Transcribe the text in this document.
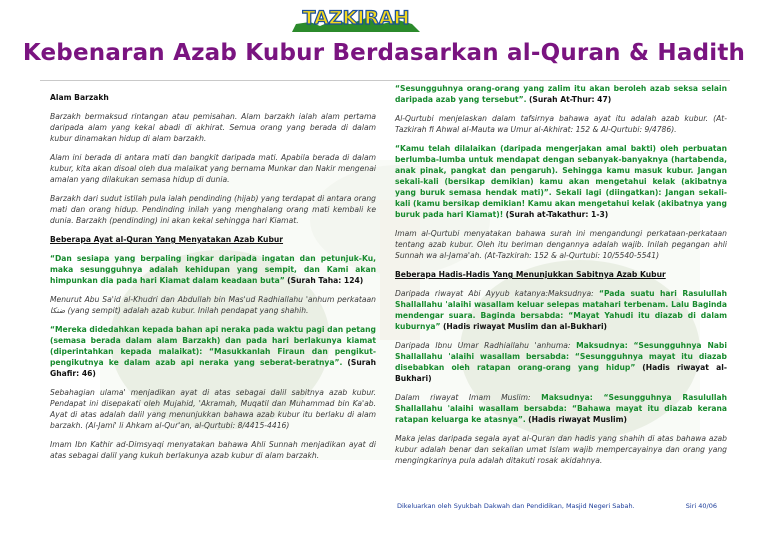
TAZKIRAH
Kebenaran Azab Kubur Berdasarkan al-Quran & Hadith

Alam Barzakh

Barzakh bermaksud rintangan atau pemisahan. Alam barzakh ialah alam pertama daripada alam yang kekal abadi di akhirat. Semua orang yang berada di dalam kubur dinamakan hidup di alam barzakh.

Alam ini berada di antara mati dan bangkit daripada mati. Apabila berada di dalam kubur, kita akan disoal oleh dua malaikat yang bernama Munkar dan Nakir mengenai amalan yang dilakukan semasa hidup di dunia.

Barzakh dari sudut istilah pula ialah pendinding (hijab) yang terdapat di antara orang mati dan orang hidup. Pendinding inilah yang menghalang orang mati kembali ke dunia. Barzakh (pendinding) ini akan kekal sehingga hari Kiamat.

Beberapa Ayat al-Quran Yang Menyatakan Azab Kubur

“Dan sesiapa yang berpaling ingkar daripada ingatan dan petunjuk-Ku, maka sesungguhnya adalah kehidupan yang sempit, dan Kami akan himpunkan dia pada hari Kiamat dalam keadaan buta” (Surah Taha: 124)

Menurut Abu Sa'id al-Khudri dan Abdullah bin Mas'ud Radhiallahu 'anhum perkataan ضنكا (yang sempit) adalah azab kubur. Inilah pendapat yang shahih.

“Mereka didedahkan kepada bahan api neraka pada waktu pagi dan petang (semasa berada dalam alam Barzakh) dan pada hari berlakunya kiamat (diperintahkan kepada malaikat): “Masukkanlah Firaun dan pengikut-pengikutnya ke dalam azab api neraka yang seberat-beratnya”. (Surah Ghafir: 46)

Sebahagian ulama' menjadikan ayat di atas sebagai dalil sabitnya azab kubur. Pendapat ini disepakati oleh Mujahid, 'Akramah, Muqatil dan Muhammad bin Ka'ab. Ayat di atas adalah dalil yang menunjukkan bahawa azab kubur itu berlaku di alam barzakh. (Al-Jami' li Ahkam al-Qur'an, al-Qurtubi: 8/4415-4416)

Imam Ibn Kathir ad-Dimsyaqi menyatakan bahawa Ahli Sunnah menjadikan ayat di atas sebagai dalil yang kukuh berlakunya azab kubur di alam barzakh.

“Sesungguhnya orang-orang yang zalim itu akan beroleh azab seksa selain daripada azab yang tersebut”. (Surah At-Thur: 47)

Al-Qurtubi menjelaskan dalam tafsirnya bahawa ayat itu adalah azab kubur. (At-Tazkirah fi Ahwal al-Mauta wa Umur al-Akhirat: 152 & Al-Qurtubi: 9/4786).

“Kamu telah dilalaikan (daripada mengerjakan amal bakti) oleh perbuatan berlumba-lumba untuk mendapat dengan sebanyak-banyaknya (hartabenda, anak pinak, pangkat dan pengaruh). Sehingga kamu masuk kubur. Jangan sekali-kali (bersikap demikian) kamu akan mengetahui kelak (akibatnya yang buruk semasa hendak mati)”. Sekali lagi (diingatkan): Jangan sekali-kali (kamu bersikap demikian! Kamu akan mengetahui kelak (akibatnya yang buruk pada hari Kiamat)! (Surah at-Takathur: 1-3)

Imam al-Qurtubi menyatakan bahawa surah ini mengandungi perkataan-perkataan tentang azab kubur. Oleh itu beriman dengannya adalah wajib. Inilah pegangan ahli Sunnah wa al-Jama'ah. (At-Tazkirah: 152 & al-Qurtubi: 10/5540-5541)

Beberapa Hadis-Hadis Yang Menunjukkan Sabitnya Azab Kubur

Daripada riwayat Abi Ayyub katanya:Maksudnya: “Pada suatu hari Rasulullah Shallallahu 'alaihi wasallam keluar selepas matahari terbenam. Lalu Baginda mendengar suara. Baginda bersabda: “Mayat Yahudi itu diazab di dalam kuburnya” (Hadis riwayat Muslim dan al-Bukhari)

Daripada Ibnu Umar Radhiallahu 'anhuma: Maksudnya: “Sesungguhnya Nabi Shallallahu 'alaihi wasallam bersabda: “Sesungguhnya mayat itu diazab disebabkan oleh ratapan orang-orang yang hidup” (Hadis riwayat al-Bukhari)

Dalam riwayat Imam Muslim: Maksudnya: “Sesungguhnya Rasulullah Shallallahu 'alaihi wasallam bersabda: “Bahawa mayat itu diazab kerana ratapan keluarga ke atasnya”. (Hadis riwayat Muslim)

Maka jelas daripada segala ayat al-Quran dan hadis yang shahih di atas bahawa azab kubur adalah benar dan sekalian umat Islam wajib mempercayainya dan orang yang mengingkarinya pula adalah ditakuti rosak akidahnya.

Dikeluarkan oleh Syukbah Dakwah dan Pendidikan, Masjid Negeri Sabah.	Siri 40/06
